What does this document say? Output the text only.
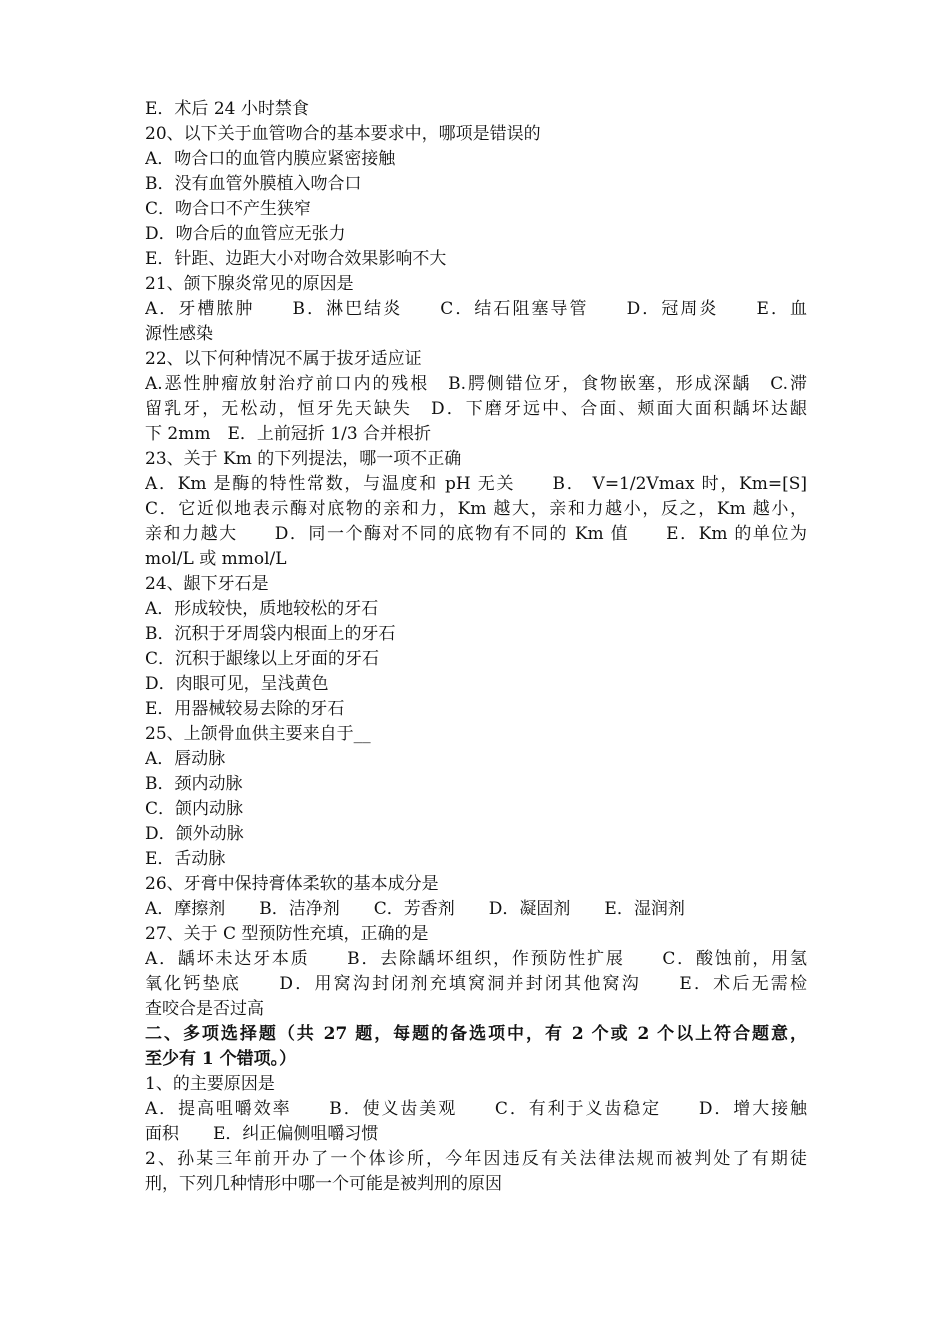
E．术后 24 小时禁食
20、以下关于血管吻合的基本要求中，哪项是错误的
A．吻合口的血管内膜应紧密接触
B．没有血管外膜植入吻合口
C．吻合口不产生狭窄
D．吻合后的血管应无张力
E．针距、边距大小对吻合效果影响不大
21、颌下腺炎常见的原因是
A．牙槽脓肿　　B．淋巴结炎　　C．结石阻塞导管　　D．冠周炎　　E．血
源性感染
22、以下何种情况不属于拔牙适应证
A.恶性肿瘤放射治疗前口内的残根　B.腭侧错位牙，食物嵌塞，形成深龋　C.滞
留乳牙，无松动，恒牙先天缺失　D．下磨牙远中、合面、颊面大面积龋坏达龈
下 2mm　E．上前冠折 1/3 合并根折
23、关于 Km 的下列提法，哪一项不正确
A．Km 是酶的特性常数，与温度和 pH 无关　　B． V=1/2Vmax 时，Km=[S]
C．它近似地表示酶对底物的亲和力，Km 越大，亲和力越小，反之，Km 越小，
亲和力越大　　D．同一个酶对不同的底物有不同的 Km 值　　E．Km 的单位为
mol/L 或 mmol/L
24、龈下牙石是
A．形成较快，质地较松的牙石
B．沉积于牙周袋内根面上的牙石
C．沉积于龈缘以上牙面的牙石
D．肉眼可见，呈浅黄色
E．用器械较易去除的牙石
25、上颌骨血供主要来自于__
A．唇动脉
B．颈内动脉
C．颌内动脉
D．颌外动脉
E．舌动脉
26、牙膏中保持膏体柔软的基本成分是
A．摩擦剂　　B．洁净剂　　C．芳香剂　　D．凝固剂　　E．湿润剂
27、关于 C 型预防性充填，正确的是
A．龋坏未达牙本质　　B．去除龋坏组织，作预防性扩展　　C．酸蚀前，用氢
氧化钙垫底　　D．用窝沟封闭剂充填窝洞并封闭其他窝沟　　E．术后无需检
查咬合是否过高
二、多项选择题（共 27 题，每题的备选项中，有 2 个或 2 个以上符合题意，
至少有 1 个错项。）
1、的主要原因是
A．提高咀嚼效率　　B．使义齿美观　　C．有利于义齿稳定　　D．增大接触
面积　　E．纠正偏侧咀嚼习惯
2、孙某三年前开办了一个体诊所，今年因违反有关法律法规而被判处了有期徒
刑，下列几种情形中哪一个可能是被判刑的原因
